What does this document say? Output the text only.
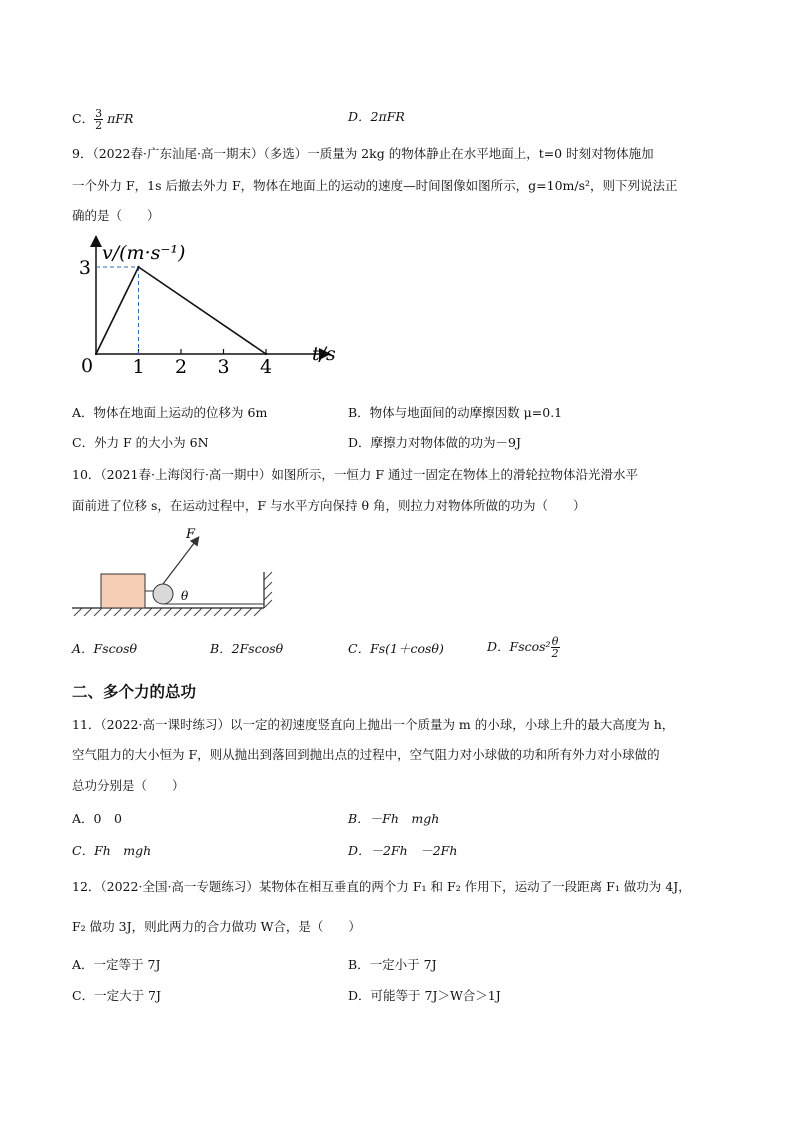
C． $\frac{3}{2}$ πFR	D．2πFR
9．（2022春·广东汕尾·高一期末）（多选）一质量为 2kg 的物体静止在水平地面上，t=0 时刻对物体施加
一个外力 F，1s 后撤去外力 F，物体在地面上的运动的速度—时间图像如图所示，g=10m/s²，则下列说法正
确的是（　　）
1 2 3 4
3
v/(m·s⁻¹)
t/s
0
A．物体在地面上运动的位移为 6m	B．物体与地面间的动摩擦因数 μ=0.1
C．外力 F 的大小为 6N	D．摩擦力对物体做的功为－9J
10．（2021春·上海闵行·高一期中）如图所示，一恒力 F 通过一固定在物体上的滑轮拉物体沿光滑水平
面前进了位移 s，在运动过程中，F 与水平方向保持 θ 角，则拉力对物体所做的功为（　　）
F
θ
A．Fscosθ	B．2Fscosθ	C．Fs(1＋cosθ)	D．$Fscos^2 \frac{\theta}{2}$
二、多个力的总功
11．（2022·高一课时练习）以一定的初速度竖直向上抛出一个质量为 m 的小球，小球上升的最大高度为 h，
空气阻力的大小恒为 F，则从抛出到落回到抛出点的过程中，空气阻力对小球做的功和所有外力对小球做的
总功分别是（　　）
A．0　0	B．－Fh　mgh
C．Fh　mgh	D．－2Fh　－2Fh
12．（2022·全国·高一专题练习）某物体在相互垂直的两个力 F₁ 和 F₂ 作用下，运动了一段距离 F₁ 做功为 4J，
F₂ 做功 3J，则此两力的合力做功 W合，是（　　）
A．一定等于 7J	B．一定小于 7J
C．一定大于 7J	D．可能等于 7J＞W合＞1J
